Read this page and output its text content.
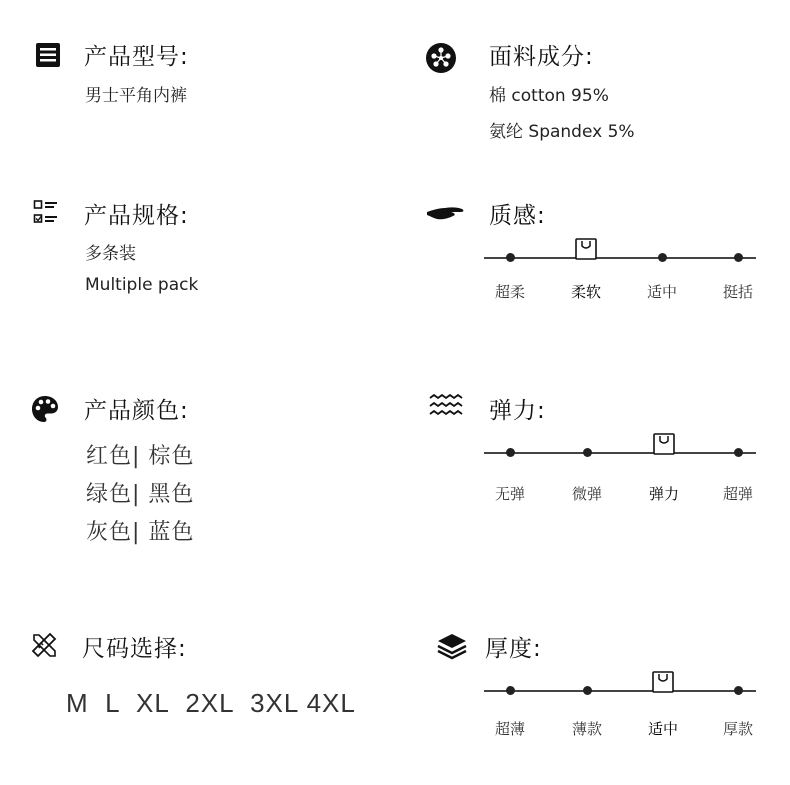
产品型号:
男士平角内裤
面料成分:
棉 cotton 95%
氨纶 Spandex 5%
产品规格:
多条装
Multiple pack
质感:
超柔	柔软	适中	挺括
产品颜色:
红色| 棕色
绿色| 黑色
灰色| 蓝色
弹力:
无弹	微弹	弹力	超弹
尺码选择:
M  L  XL  2XL  3XL 4XL
厚度:
超薄	薄款	适中	厚款
